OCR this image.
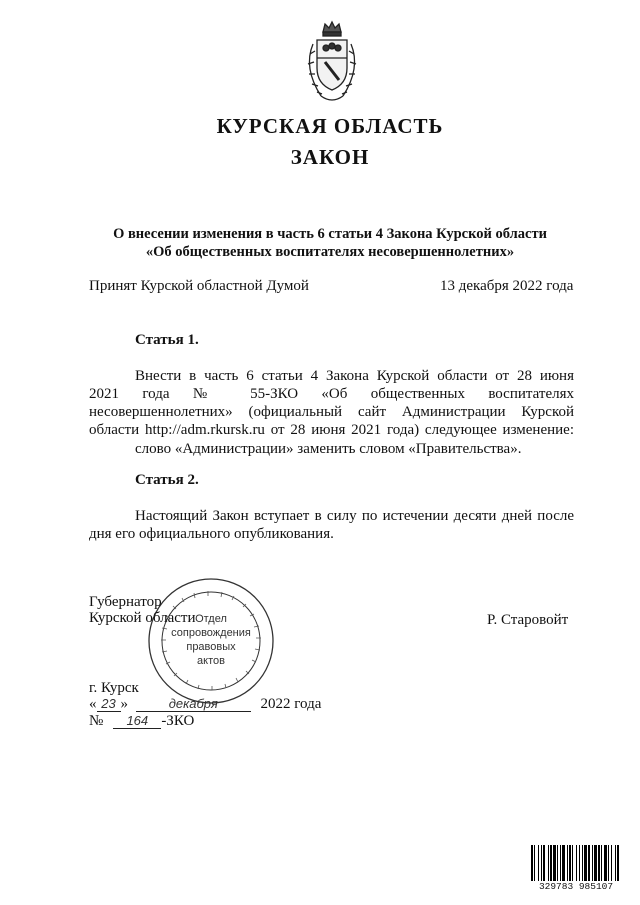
КУРСКАЯ ОБЛАСТЬ
ЗАКОН
О внесении изменения в часть 6 статьи 4 Закона Курской области
«Об общественных воспитателях несовершеннолетних»
Принят Курской областной Думой	13 декабря 2022 года
Статья 1.
Внести в часть 6 статьи 4 Закона Курской области от 28 июня
2021 года № 55-ЗКО «Об общественных воспитателях
несовершеннолетних» (официальный сайт Администрации Курской
области http://adm.rkursk.ru от 28 июня 2021 года) следующее изменение:
слово «Администрации» заменить словом «Правительства».
Статья 2.
Настоящий Закон вступает в силу по истечении десяти дней после
дня его официального опубликования.
Отдел
сопровождения
правовых
актов
Губернатор
Курской области	Р. Старовойт
г. Курск
« 23 »	декабря	2022 года
№ 164 -ЗКО
329783 985107
